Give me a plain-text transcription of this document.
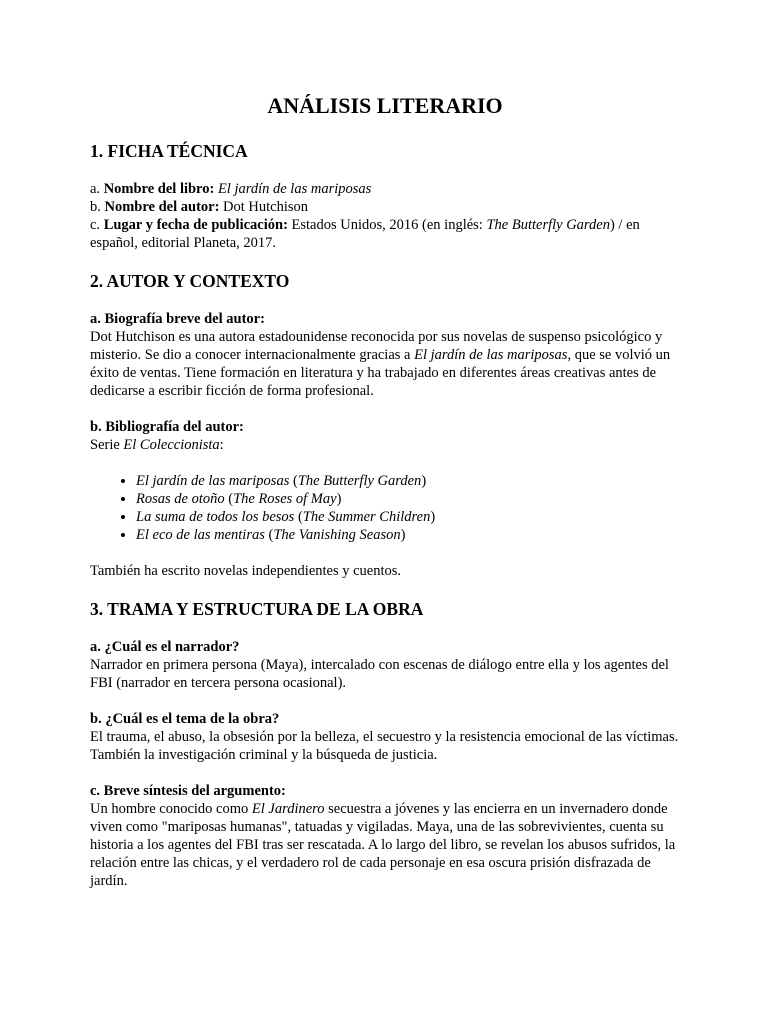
ANÁLISIS LITERARIO
1. FICHA TÉCNICA
a. Nombre del libro: El jardín de las mariposas
b. Nombre del autor: Dot Hutchison
c. Lugar y fecha de publicación: Estados Unidos, 2016 (en inglés: The Butterfly Garden) / en español, editorial Planeta, 2017.
2. AUTOR Y CONTEXTO
a. Biografía breve del autor:
Dot Hutchison es una autora estadounidense reconocida por sus novelas de suspenso psicológico y misterio. Se dio a conocer internacionalmente gracias a El jardín de las mariposas, que se volvió un éxito de ventas. Tiene formación en literatura y ha trabajado en diferentes áreas creativas antes de dedicarse a escribir ficción de forma profesional.
b. Bibliografía del autor:
Serie El Coleccionista:
• El jardín de las mariposas (The Butterfly Garden)
• Rosas de otoño (The Roses of May)
• La suma de todos los besos (The Summer Children)
• El eco de las mentiras (The Vanishing Season)
También ha escrito novelas independientes y cuentos.
3. TRAMA Y ESTRUCTURA DE LA OBRA
a. ¿Cuál es el narrador?
Narrador en primera persona (Maya), intercalado con escenas de diálogo entre ella y los agentes del FBI (narrador en tercera persona ocasional).
b. ¿Cuál es el tema de la obra?
El trauma, el abuso, la obsesión por la belleza, el secuestro y la resistencia emocional de las víctimas. También la investigación criminal y la búsqueda de justicia.
c. Breve síntesis del argumento:
Un hombre conocido como El Jardinero secuestra a jóvenes y las encierra en un invernadero donde viven como "mariposas humanas", tatuadas y vigiladas. Maya, una de las sobrevivientes, cuenta su historia a los agentes del FBI tras ser rescatada. A lo largo del libro, se revelan los abusos sufridos, la relación entre las chicas, y el verdadero rol de cada personaje en esa oscura prisión disfrazada de jardín.
